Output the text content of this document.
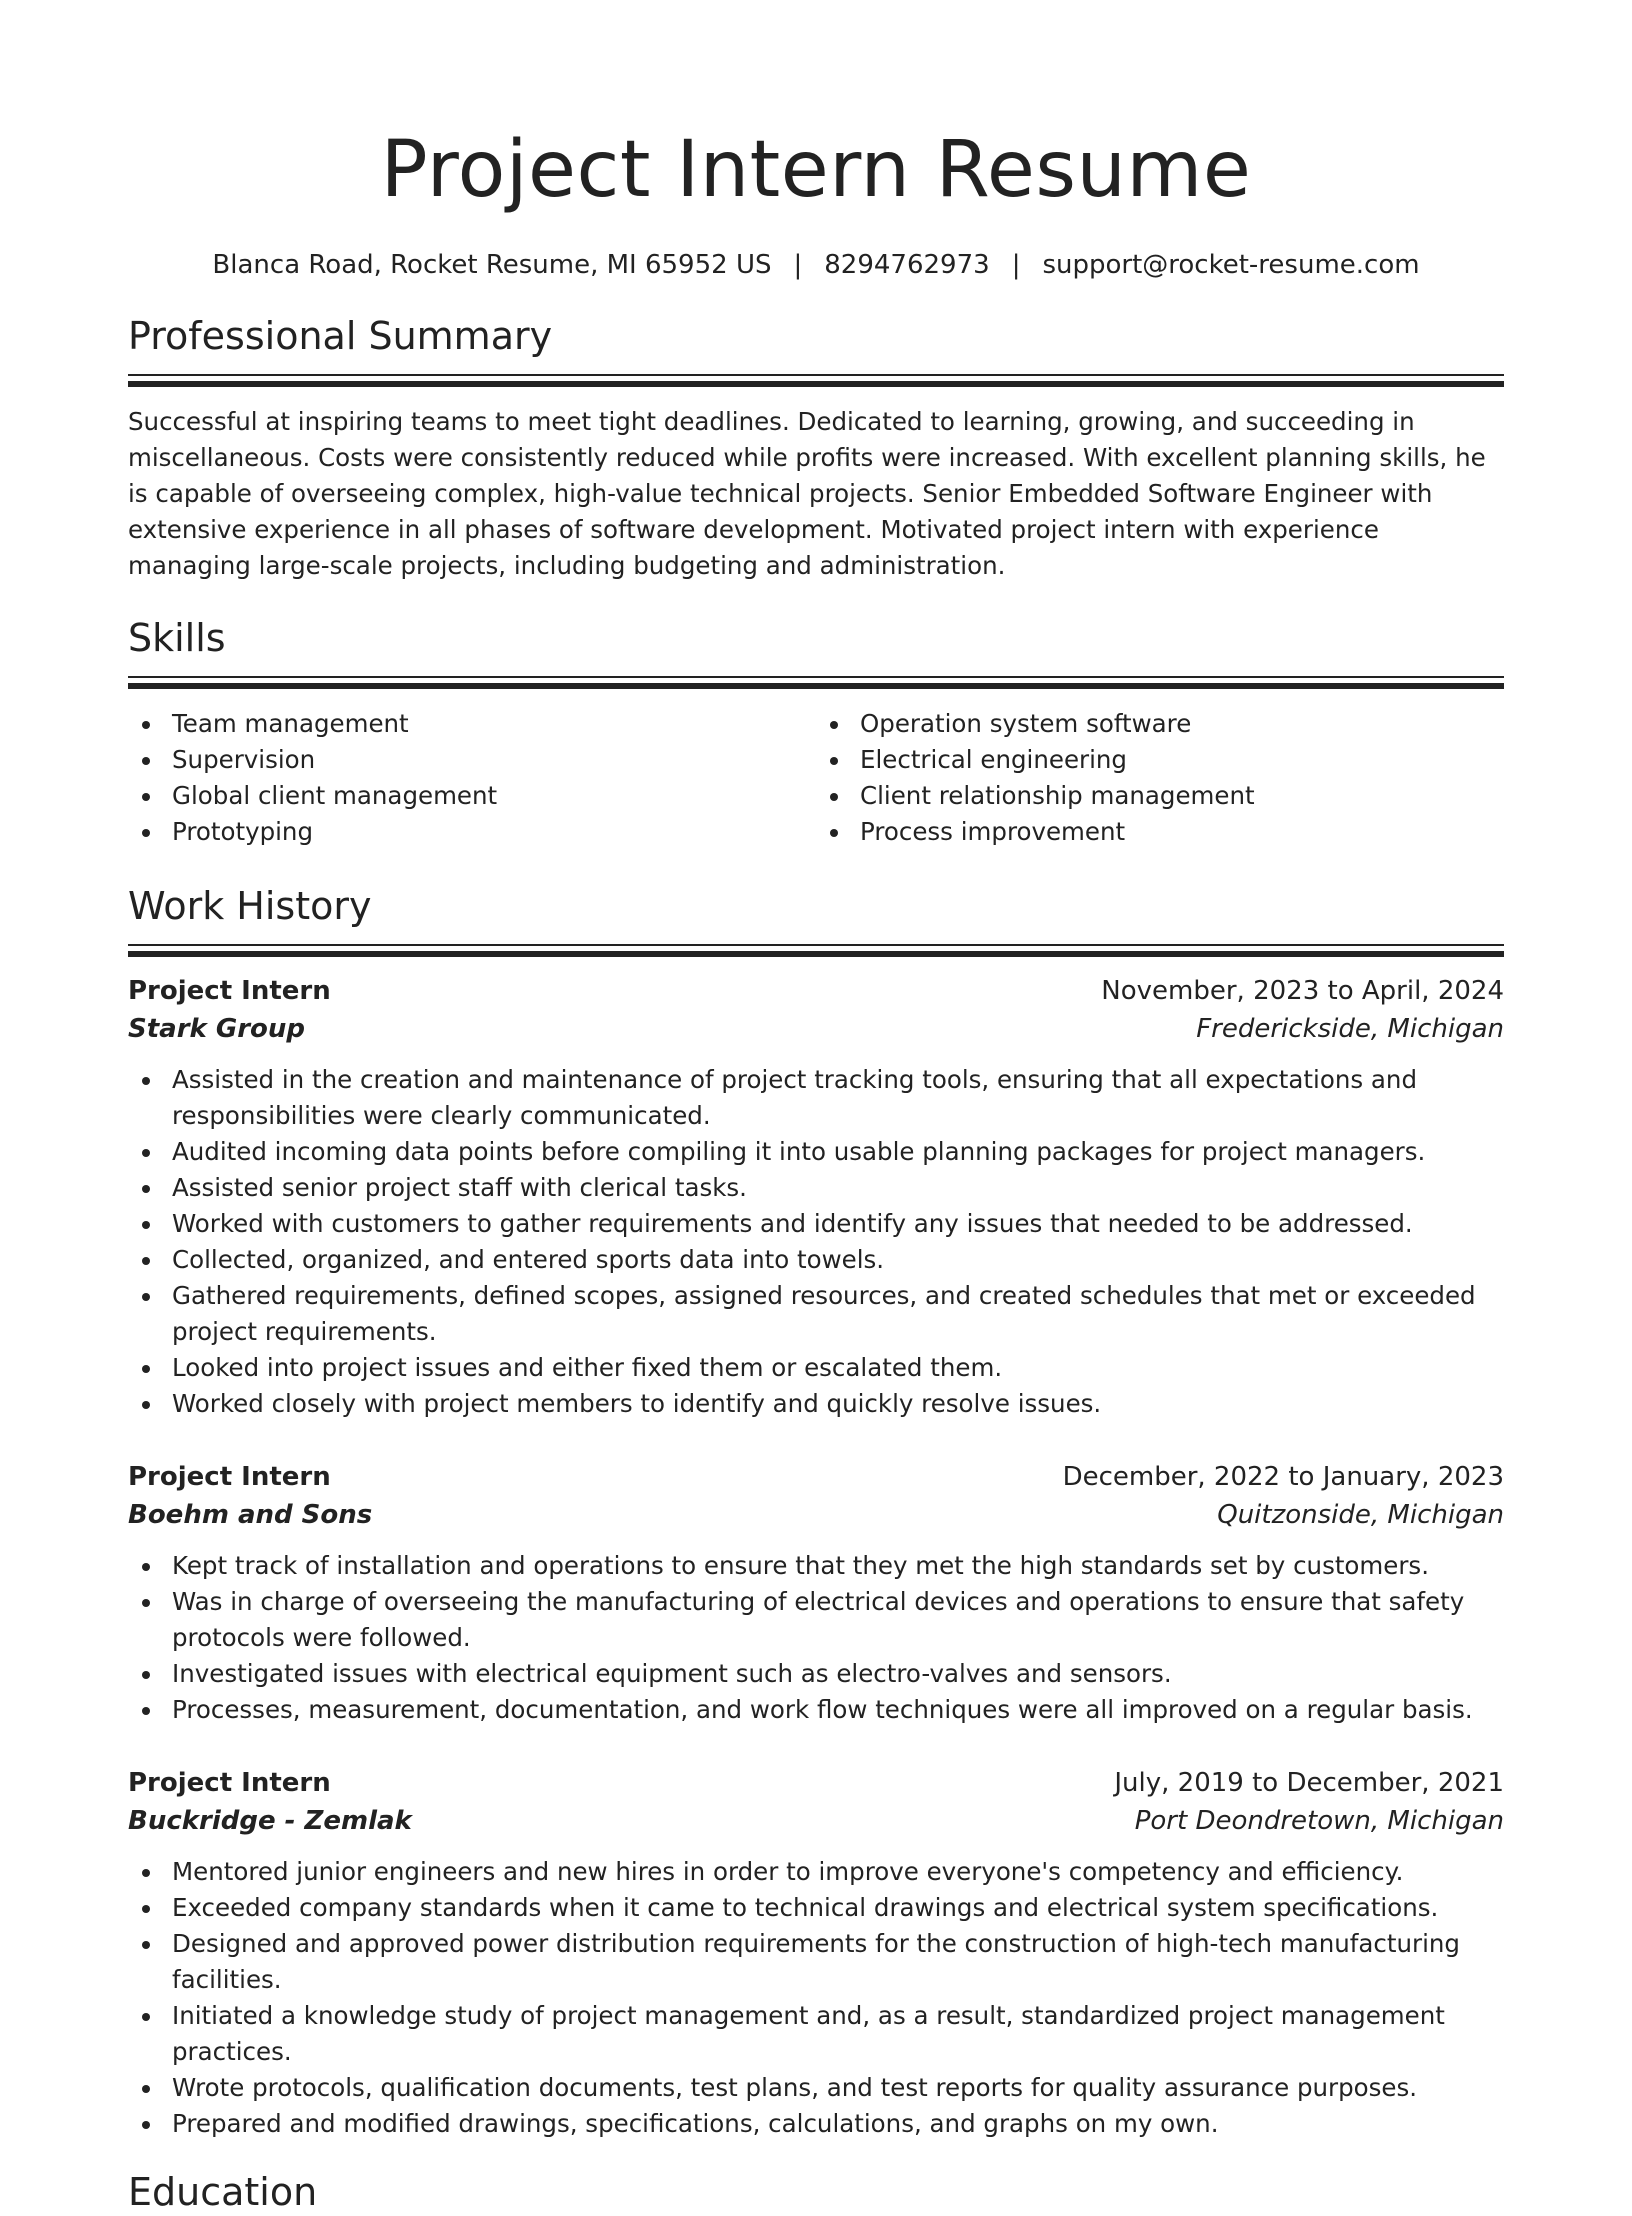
Project Intern Resume
Blanca Road, Rocket Resume, MI 65952 US | 8294762973 | support@rocket-resume.com
Professional Summary

Successful at inspiring teams to meet tight deadlines. Dedicated to learning, growing, and succeeding in miscellaneous. Costs were consistently reduced while profits were increased. With excellent planning skills, he is capable of overseeing complex, high-value technical projects. Senior Embedded Software Engineer with extensive experience in all phases of software development. Motivated project intern with experience managing large-scale projects, including budgeting and administration.

Skills
Team management
Supervision
Global client management
Prototyping
Operation system software
Electrical engineering
Client relationship management
Process improvement
Work History
Project Intern	November, 2023 to April, 2024
Stark Group	Frederickside, Michigan
Assisted in the creation and maintenance of project tracking tools, ensuring that all expectations and responsibilities were clearly communicated.
Audited incoming data points before compiling it into usable planning packages for project managers.
Assisted senior project staff with clerical tasks.
Worked with customers to gather requirements and identify any issues that needed to be addressed.
Collected, organized, and entered sports data into towels.
Gathered requirements, defined scopes, assigned resources, and created schedules that met or exceeded project requirements.
Looked into project issues and either fixed them or escalated them.
Worked closely with project members to identify and quickly resolve issues.
Project Intern	December, 2022 to January, 2023
Boehm and Sons	Quitzonside, Michigan
Kept track of installation and operations to ensure that they met the high standards set by customers.
Was in charge of overseeing the manufacturing of electrical devices and operations to ensure that safety protocols were followed.
Investigated issues with electrical equipment such as electro-valves and sensors.
Processes, measurement, documentation, and work flow techniques were all improved on a regular basis.
Project Intern	July, 2019 to December, 2021
Buckridge - Zemlak	Port Deondretown, Michigan
Mentored junior engineers and new hires in order to improve everyone's competency and efficiency.
Exceeded company standards when it came to technical drawings and electrical system specifications.
Designed and approved power distribution requirements for the construction of high-tech manufacturing facilities.
Initiated a knowledge study of project management and, as a result, standardized project management practices.
Wrote protocols, qualification documents, test plans, and test reports for quality assurance purposes.
Prepared and modified drawings, specifications, calculations, and graphs on my own.
Education
